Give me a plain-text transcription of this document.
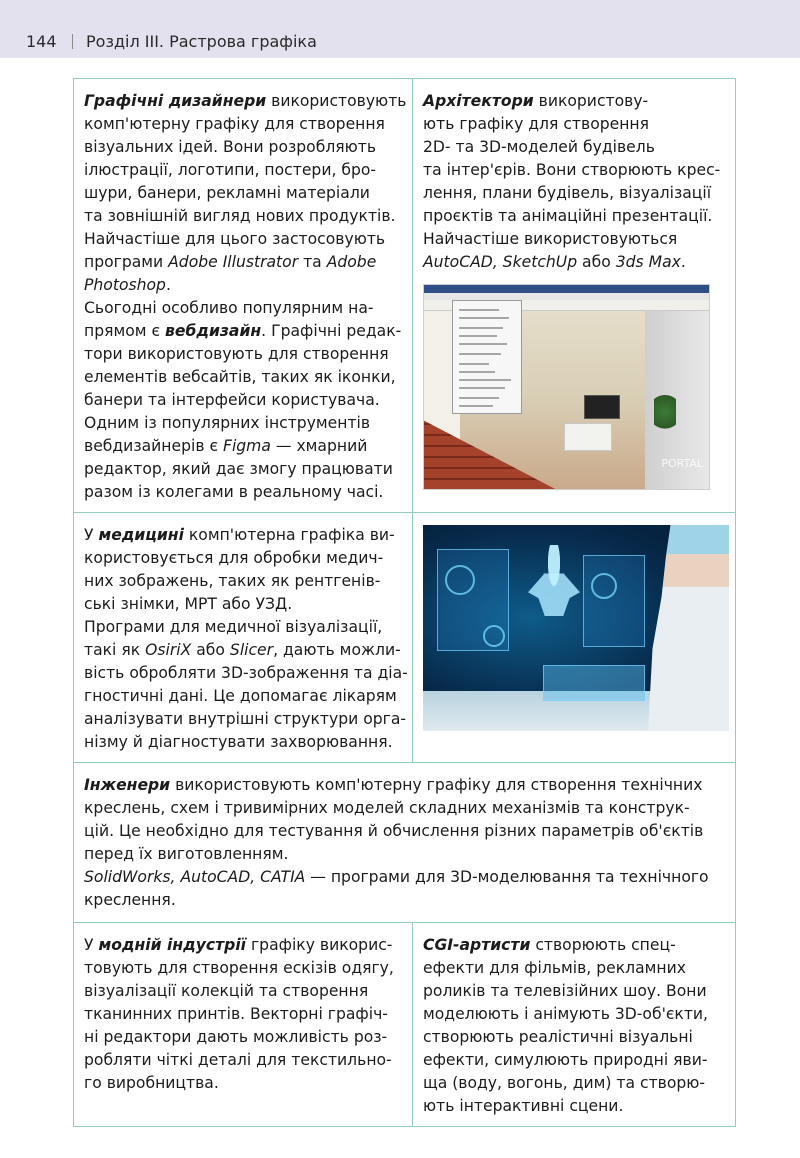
144 Розділ ІІІ. Растрова графіка
Графічні дизайнери використовують
комп'ютерну графіку для створення
візуальних ідей. Вони розробляють
ілюстрації, логотипи, постери, бро-
шури, банери, рекламні матеріали
та зовнішній вигляд нових продуктів.
Найчастіше для цього застосовують
програми Adobe Illustrator та Adobe
Photoshop.
Сьогодні особливо популярним на-
прямом є вебдизайн. Графічні редак-
тори використовують для створення
елементів вебсайтів, таких як іконки,
банери та інтерфейси користувача.
Одним із популярних інструментів
вебдизайнерів є Figma — хмарний
редактор, який дає змогу працювати
разом із колегами в реальному часі.
Архітектори використову-
ють графіку для створення
2D- та 3D-моделей будівель
та інтер'єрів. Вони створюють крес-
лення, плани будівель, візуалізації
проєктів та анімаційні презентації.
Найчастіше використовуються
AutoCAD, SketchUp або 3ds Max.
PORTAL
У медицині комп'ютерна графіка ви-
користовується для обробки медич-
них зображень, таких як рентгенів-
ські знімки, МРТ або УЗД.
Програми для медичної візуалізації,
такі як OsiriX або Slicer, дають можли-
вість обробляти 3D-зображення та діа-
гностичні дані. Це допомагає лікарям
аналізувати внутрішні структури орга-
нізму й діагностувати захворювання.
Інженери використовують комп'ютерну графіку для створення технічних
креслень, схем і тривимірних моделей складних механізмів та конструк-
цій. Це необхідно для тестування й обчислення різних параметрів об'єктів
перед їх виготовленням.
SolidWorks, AutoCAD, CATIA — програми для 3D-моделювання та технічного
креслення.
У модній індустрії графіку викорис-
товують для створення ескізів одягу,
візуалізації колекцій та створення
тканинних принтів. Векторні графіч-
ні редактори дають можливість роз-
робляти чіткі деталі для текстильно-
го виробництва.
CGI-артисти створюють спец-
ефекти для фільмів, рекламних
роликів та телевізійних шоу. Вони
моделюють і анімують 3D-об'єкти,
створюють реалістичні візуальні
ефекти, симулюють природні яви-
ща (воду, вогонь, дим) та створю-
ють інтерактивні сцени.
